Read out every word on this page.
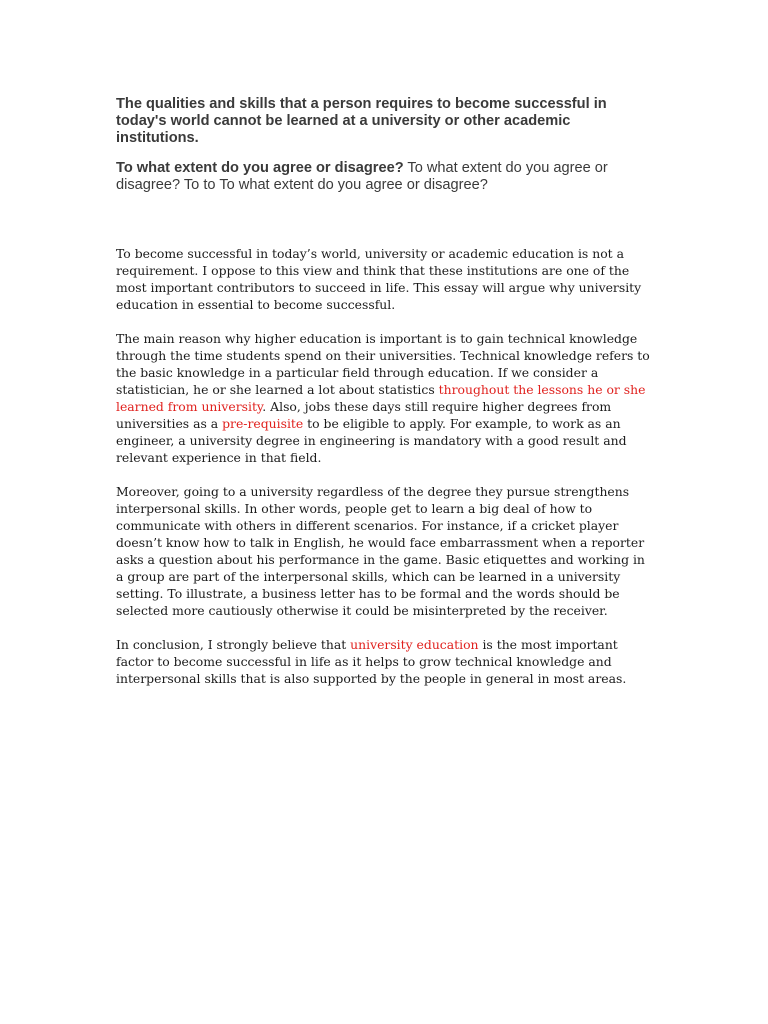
The qualities and skills that a person requires to become successful in today's world cannot be learned at a university or other academic institutions.

To what extent do you agree or disagree? To what extent do you agree or disagree? To to To what extent do you agree or disagree?

To become successful in today’s world, university or academic education is not a requirement. I oppose to this view and think that these institutions are one of the most important contributors to succeed in life. This essay will argue why university education in essential to become successful.

The main reason why higher education is important is to gain technical knowledge through the time students spend on their universities. Technical knowledge refers to the basic knowledge in a particular field through education. If we consider a statistician, he or she learned a lot about statistics throughout the lessons he or she learned from university. Also, jobs these days still require higher degrees from universities as a pre-requisite to be eligible to apply. For example, to work as an engineer, a university degree in engineering is mandatory with a good result and relevant experience in that field.

Moreover, going to a university regardless of the degree they pursue strengthens interpersonal skills. In other words, people get to learn a big deal of how to communicate with others in different scenarios. For instance, if a cricket player doesn’t know how to talk in English, he would face embarrassment when a reporter asks a question about his performance in the game. Basic etiquettes and working in a group are part of the interpersonal skills, which can be learned in a university setting. To illustrate, a business letter has to be formal and the words should be selected more cautiously otherwise it could be misinterpreted by the receiver.

In conclusion, I strongly believe that university education is the most important factor to become successful in life as it helps to grow technical knowledge and interpersonal skills that is also supported by the people in general in most areas.
